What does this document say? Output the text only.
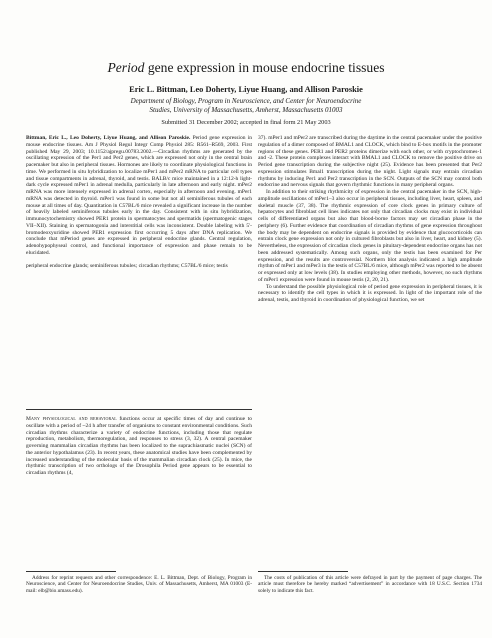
Period gene expression in mouse endocrine tissues
Eric L. Bittman, Leo Doherty, Liyue Huang, and Allison Paroskie
Department of Biology, Program in Neuroscience, and Center for Neuroendocrine
Studies, University of Massachusetts, Amherst, Massachusetts 01003
Submitted 31 December 2002; accepted in final form 21 May 2003

Bittman, Eric L., Leo Doherty, Liyue Huang, and Allison Paroskie. Period gene expression in mouse endocrine tissues. Am J Physiol Regul Integr Comp Physiol 285: R561–R569, 2003. First published May 29, 2003; 10.1152/ajpregu.00783.2002.—Circadian rhythms are generated by the oscillating expression of the Per1 and Per2 genes, which are expressed not only in the central brain pacemaker but also in peripheral tissues. Hormones are likely to coordinate physiological functions in time. We performed in situ hybridization to localize mPer1 and mPer2 mRNA to particular cell types and tissue compartments in adrenal, thyroid, and testis. BALB/c mice maintained in a 12:12-h light-dark cycle expressed mPer1 in adrenal medulla, particularly in late afternoon and early night. mPer2 mRNA was more intensely expressed in adrenal cortex, especially in afternoon and evening. mPer1 mRNA was detected in thyroid. mPer1 was found in some but not all seminiferous tubules of each mouse at all times of day. Quantitation in C57BL/6 mice revealed a significant increase in the number of heavily labeled seminiferous tubules early in the day. Consistent with in situ hybridization, immunocytochemistry showed PER1 protein in spermatocytes and spermatids (spermatogenic stages VII–XII). Staining in spermatogonia and interstitial cells was inconsistent. Double labeling with 5'-bromodeoxyuridine showed PER1 expression first occurring 5 days after DNA replication. We conclude that mPeriod genes are expressed in peripheral endocrine glands. Central regulation, adenohypophyseal control, and functional importance of expression and phase remain to be elucidated.

peripheral endocrine glands; seminiferous tubules; circadian rhythms; C57BL/6 mice; testis

Many physiological and behavioral functions occur at specific times of day and continue to oscillate with a period of ~24 h after transfer of organisms to constant environmental conditions. Such circadian rhythms characterize a variety of endocrine functions, including those that regulate reproduction, metabolism, thermoregulation, and responses to stress (3, 32). A central pacemaker governing mammalian circadian rhythms has been localized to the suprachiasmatic nuclei (SCN) of the anterior hypothalamus (23). In recent years, these anatomical studies have been complemented by increased understanding of the molecular basis of the mammalian circadian clock (25). In mice, the rhythmic transcription of two orthologs of the Drosophila Period gene appears to be essential to circadian rhythms (4,

37). mPer1 and mPer2 are transcribed during the daytime in the central pacemaker under the positive regulation of a dimer composed of BMAL1 and CLOCK, which bind to E-box motifs in the promoter regions of these genes. PER1 and PER2 proteins dimerize with each other, or with cryptochromes-1 and -2. These protein complexes interact with BMAL1 and CLOCK to remove the positive drive on Period gene transcription during the subjective night (25). Evidence has been presented that Per2 expression stimulates Bmal1 transcription during the night. Light signals may entrain circadian rhythms by inducing Per1 and Per2 transcription in the SCN. Outputs of the SCN may control both endocrine and nervous signals that govern rhythmic functions in many peripheral organs.

In addition to their striking rhythmicity of expression in the central pacemaker in the SCN, high-amplitude oscillations of mPer1–3 also occur in peripheral tissues, including liver, heart, spleen, and skeletal muscle (37, 38). The rhythmic expression of core clock genes in primary culture of hepatocytes and fibroblast cell lines indicates not only that circadian clocks may exist in individual cells of differentiated organs but also that blood-borne factors may set circadian phase in the periphery (6). Further evidence that coordination of circadian rhythms of gene expression throughout the body may be dependent on endocrine signals is provided by evidence that glucocorticoids can entrain clock gene expression not only in cultured fibroblasts but also in liver, heart, and kidney (5). Nevertheless, the expression of circadian clock genes in pituitary-dependent endocrine organs has not been addressed systematically. Among such organs, only the testis has been examined for Per expression, and the results are controversial. Northern blot analysis indicated a high amplitude rhythm of mPer1 and mPer3 in the testis of C57BL/6 mice, although mPer2 was reported to be absent or expressed only at low levels (38). In studies employing other methods, however, no such rhythms of mPer1 expression were found in mouse testis (2, 20, 21).

To understand the possible physiological role of period gene expression in peripheral tissues, it is necessary to identify the cell types in which it is expressed. In light of the important role of the adrenal, testis, and thyroid in coordination of physiological function, we set

Address for reprint requests and other correspondence: E. L. Bittman, Dept. of Biology, Program in Neuroscience, and Center for Neuroendocrine Studies, Univ. of Massachusetts, Amherst, MA 01003 (E-mail: elb@bio.umass.edu).

The costs of publication of this article were defrayed in part by the payment of page charges. The article must therefore be hereby marked “advertisement” in accordance with 18 U.S.C. Section 1734 solely to indicate this fact.
